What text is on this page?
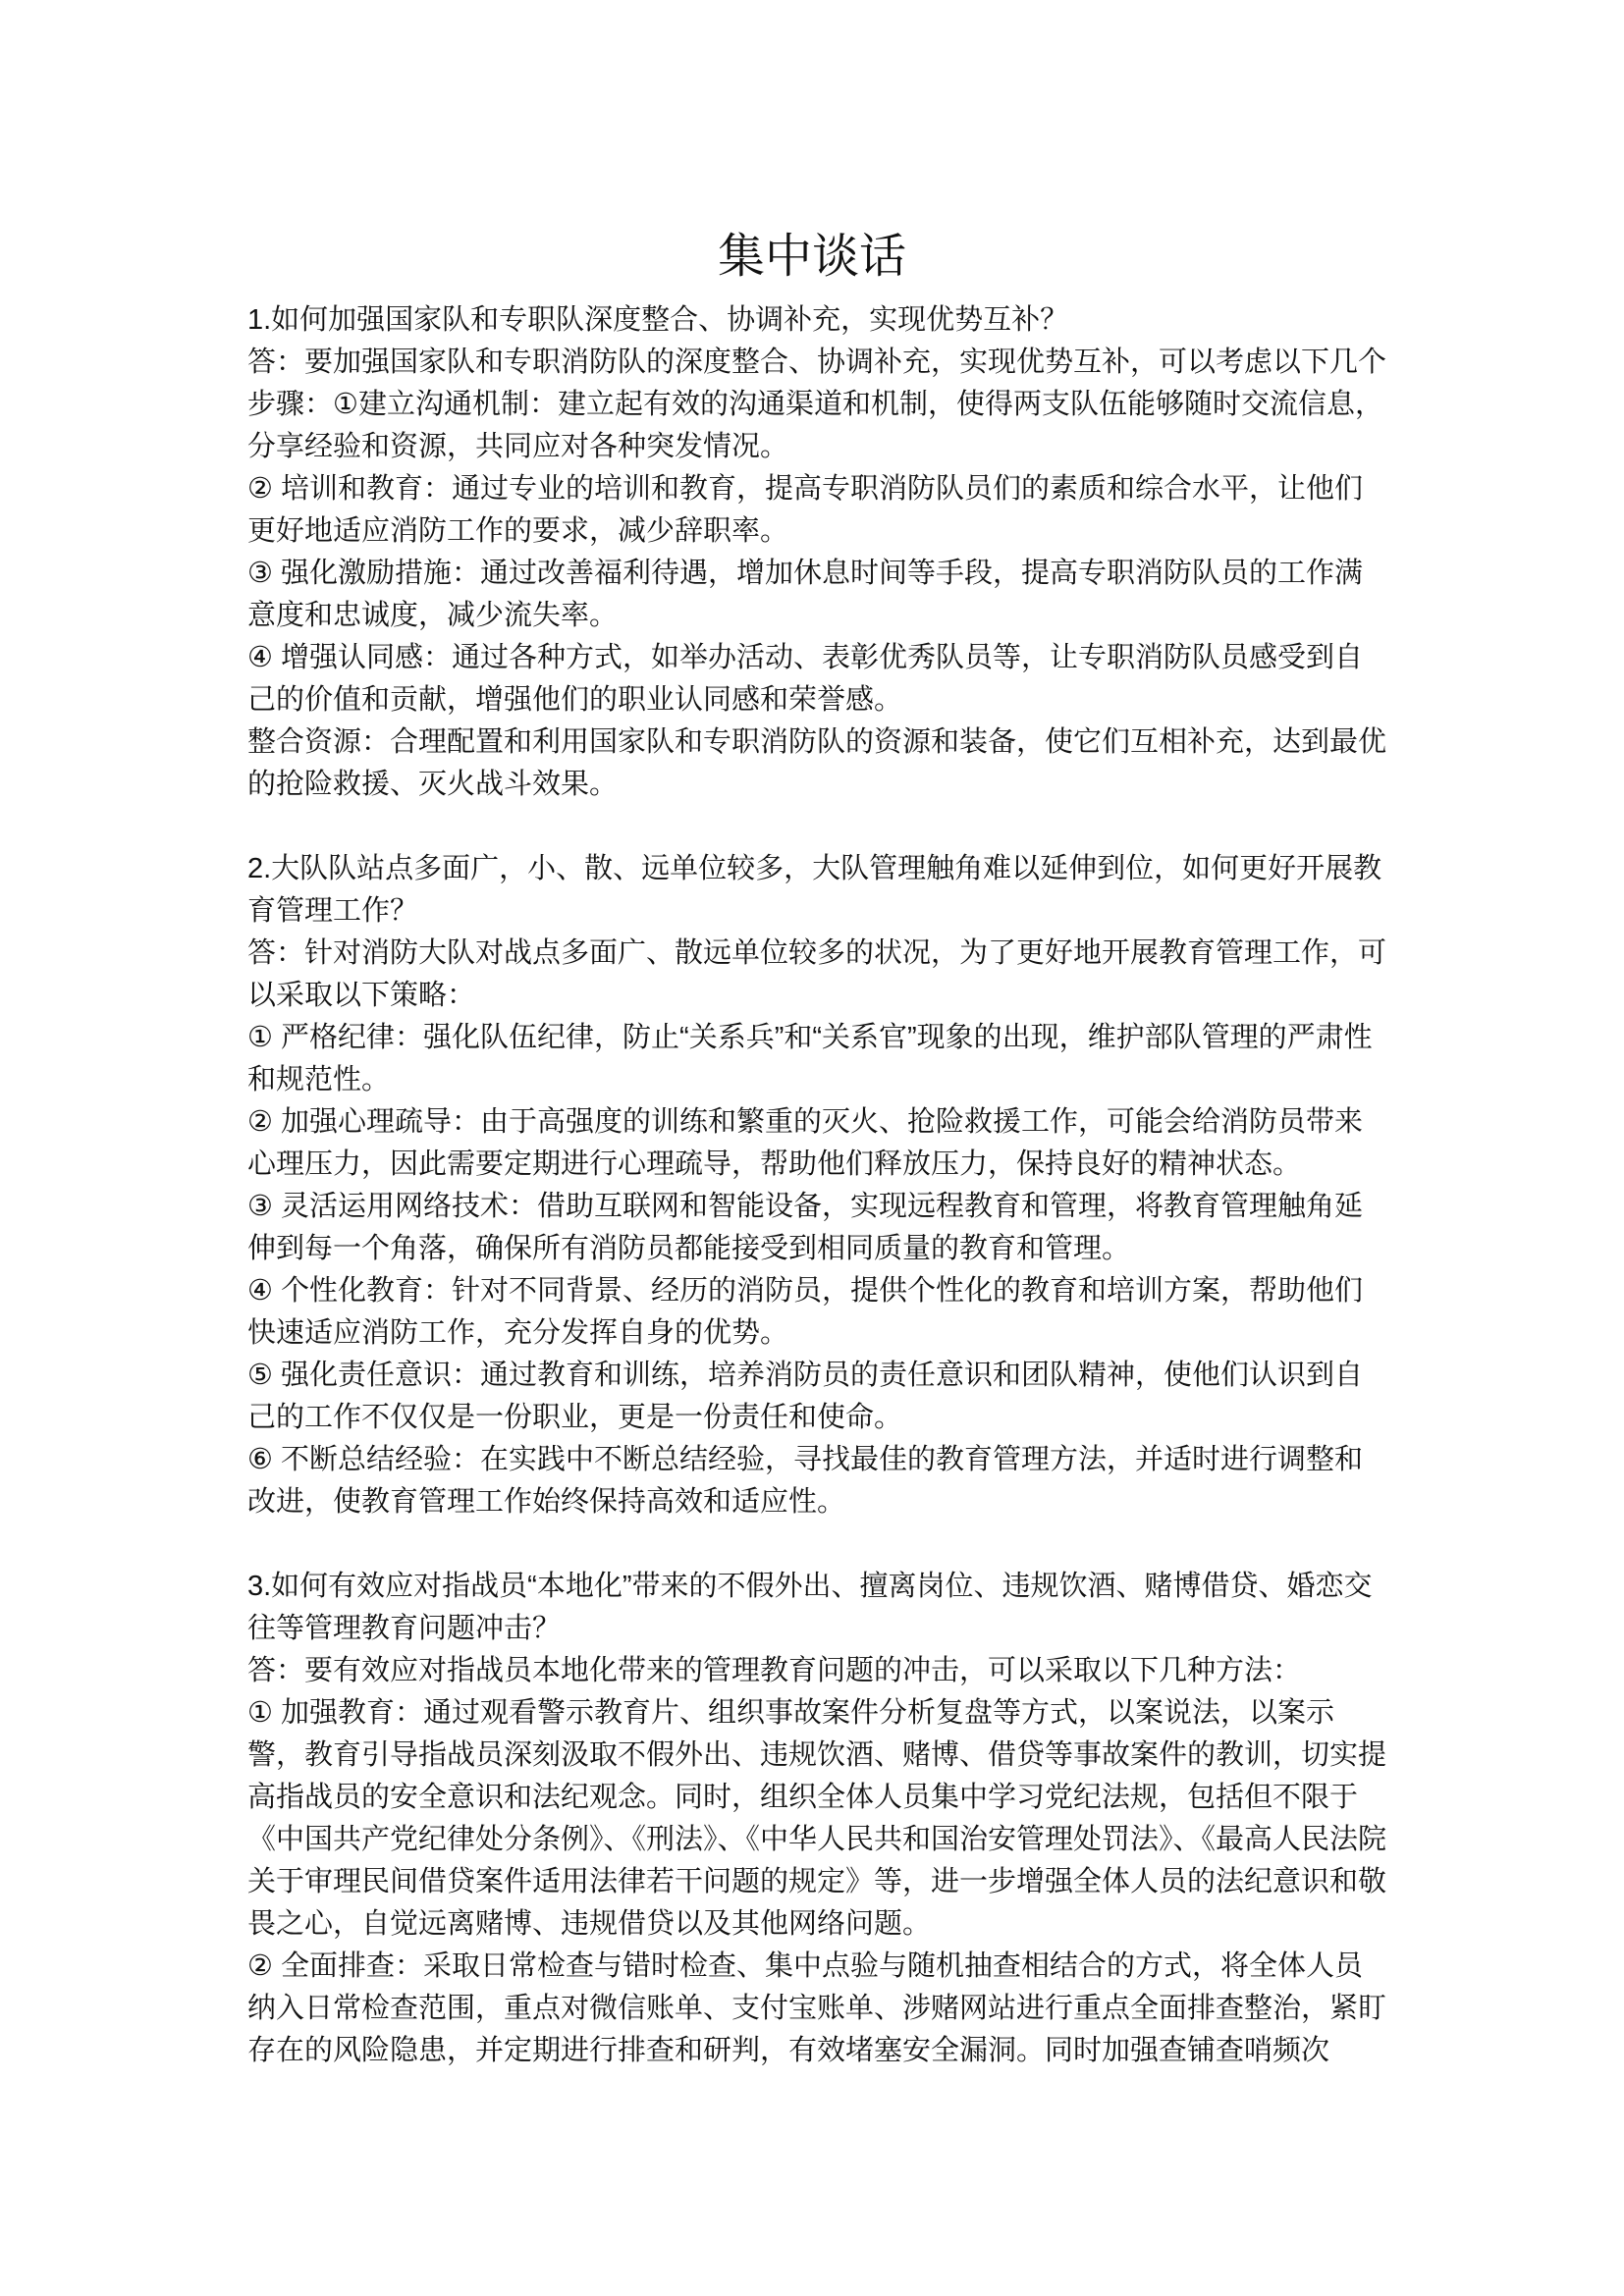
集中谈话

1.如何加强国家队和专职队深度整合、协调补充，实现优势互补？

答：要加强国家队和专职消防队的深度整合、协调补充，实现优势互补，可以考虑以下几个步骤：①建立沟通机制：建立起有效的沟通渠道和机制，使得两支队伍能够随时交流信息，分享经验和资源，共同应对各种突发情况。

② 培训和教育：通过专业的培训和教育，提高专职消防队员们的素质和综合水平，让他们更好地适应消防工作的要求，减少辞职率。

③ 强化激励措施：通过改善福利待遇，增加休息时间等手段，提高专职消防队员的工作满意度和忠诚度，减少流失率。

④ 增强认同感：通过各种方式，如举办活动、表彰优秀队员等，让专职消防队员感受到自己的价值和贡献，增强他们的职业认同感和荣誉感。

整合资源：合理配置和利用国家队和专职消防队的资源和装备，使它们互相补充，达到最优的抢险救援、灭火战斗效果。

2.大队队站点多面广，小、散、远单位较多，大队管理触角难以延伸到位，如何更好开展教育管理工作？

答：针对消防大队对战点多面广、散远单位较多的状况，为了更好地开展教育管理工作，可以采取以下策略：

① 严格纪律：强化队伍纪律，防止“关系兵”和“关系官”现象的出现，维护部队管理的严肃性和规范性。

② 加强心理疏导：由于高强度的训练和繁重的灭火、抢险救援工作，可能会给消防员带来心理压力，因此需要定期进行心理疏导，帮助他们释放压力，保持良好的精神状态。

③ 灵活运用网络技术：借助互联网和智能设备，实现远程教育和管理，将教育管理触角延伸到每一个角落，确保所有消防员都能接受到相同质量的教育和管理。

④ 个性化教育：针对不同背景、经历的消防员，提供个性化的教育和培训方案，帮助他们快速适应消防工作，充分发挥自身的优势。

⑤ 强化责任意识：通过教育和训练，培养消防员的责任意识和团队精神，使他们认识到自己的工作不仅仅是一份职业，更是一份责任和使命。

⑥ 不断总结经验：在实践中不断总结经验，寻找最佳的教育管理方法，并适时进行调整和改进，使教育管理工作始终保持高效和适应性。

3.如何有效应对指战员“本地化”带来的不假外出、擅离岗位、违规饮酒、赌博借贷、婚恋交往等管理教育问题冲击？

答：要有效应对指战员本地化带来的管理教育问题的冲击，可以采取以下几种方法：

① 加强教育：通过观看警示教育片、组织事故案件分析复盘等方式，以案说法，以案示警，教育引导指战员深刻汲取不假外出、违规饮酒、赌博、借贷等事故案件的教训，切实提高指战员的安全意识和法纪观念。同时，组织全体人员集中学习党纪法规，包括但不限于《中国共产党纪律处分条例》、《刑法》、《中华人民共和国治安管理处罚法》、《最高人民法院关于审理民间借贷案件适用法律若干问题的规定》等，进一步增强全体人员的法纪意识和敬畏之心，自觉远离赌博、违规借贷以及其他网络问题。

② 全面排查：采取日常检查与错时检查、集中点验与随机抽查相结合的方式，将全体人员纳入日常检查范围，重点对微信账单、支付宝账单、涉赌网站进行重点全面排查整治，紧盯存在的风险隐患，并定期进行排查和研判，有效堵塞安全漏洞。同时加强查铺查哨频次
